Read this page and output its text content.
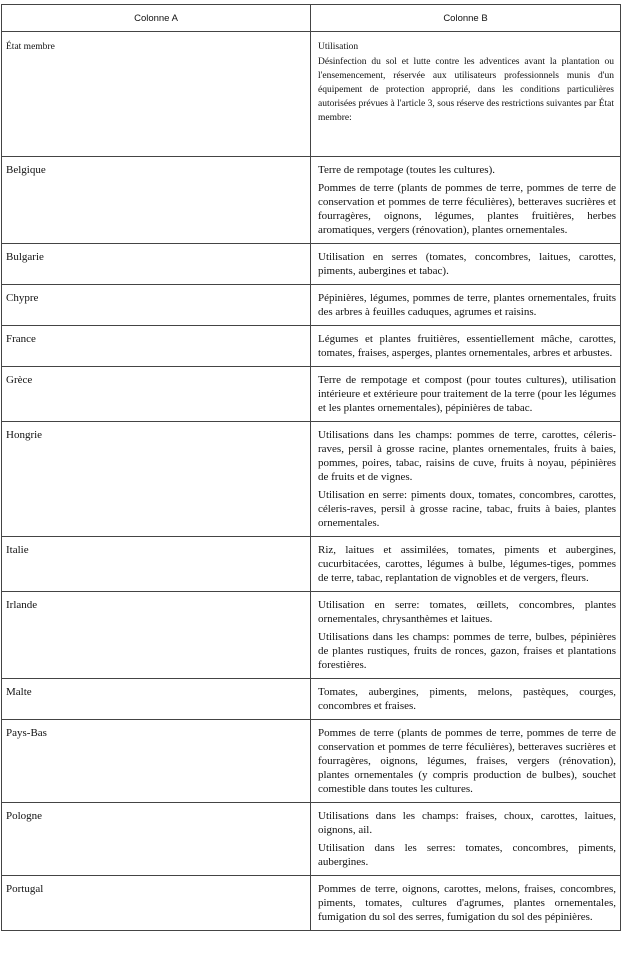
Colonne A	Colonne B
État membre	Utilisation

Désinfection du sol et lutte contre les adventices avant la plantation ou l'ensemencement, réservée aux utilisateurs professionnels munis d'un équipement de protection approprié, dans les conditions particulières autorisées prévues à l'article 3, sous réserve des restrictions suivantes par État membre:

Belgique	Terre de rempotage (toutes les cultures).

Pommes de terre (plants de pommes de terre, pommes de terre de conservation et pommes de terre féculières), betteraves sucrières et fourragères, oignons, légumes, plantes fruitières, herbes aromatiques, vergers (rénovation), plantes ornementales.

Bulgarie	Utilisation en serres (tomates, concombres, laitues, carottes, piments, aubergines et tabac).

Chypre	Pépinières, légumes, pommes de terre, plantes ornementales, fruits des arbres à feuilles caduques, agrumes et raisins.

France	Légumes et plantes fruitières, essentiellement mâche, carottes, tomates, fraises, asperges, plantes ornementales, arbres et arbustes.

Grèce	Terre de rempotage et compost (pour toutes cultures), utilisation intérieure et extérieure pour traitement de la terre (pour les légumes et les plantes ornementales), pépinières de tabac.

Hongrie	Utilisations dans les champs: pommes de terre, carottes, céleris-raves, persil à grosse racine, plantes ornementales, fruits à baies, pommes, poires, tabac, raisins de cuve, fruits à noyau, pépinières de fruits et de vignes.

Utilisation en serre: piments doux, tomates, concombres, carottes, céleris-raves, persil à grosse racine, tabac, fruits à baies, plantes ornementales.

Italie	Riz, laitues et assimilées, tomates, piments et aubergines, cucurbitacées, carottes, légumes à bulbe, légumes-tiges, pommes de terre, tabac, replantation de vignobles et de vergers, fleurs.

Irlande	Utilisation en serre: tomates, œillets, concombres, plantes ornementales, chrysanthèmes et laitues.

Utilisations dans les champs: pommes de terre, bulbes, pépinières de plantes rustiques, fruits de ronces, gazon, fraises et plantations forestières.

Malte	Tomates, aubergines, piments, melons, pastèques, courges, concombres et fraises.

Pays-Bas	Pommes de terre (plants de pommes de terre, pommes de terre de conservation et pommes de terre féculières), betteraves sucrières et fourragères, oignons, légumes, fraises, vergers (rénovation), plantes ornementales (y compris production de bulbes), souchet comestible dans toutes les cultures.

Pologne	Utilisations dans les champs: fraises, choux, carottes, laitues, oignons, ail.

Utilisation dans les serres: tomates, concombres, piments, aubergines.

Portugal	Pommes de terre, oignons, carottes, melons, fraises, concombres, piments, tomates, cultures d'agrumes, plantes ornementales, fumigation du sol des serres, fumigation du sol des pépinières.
